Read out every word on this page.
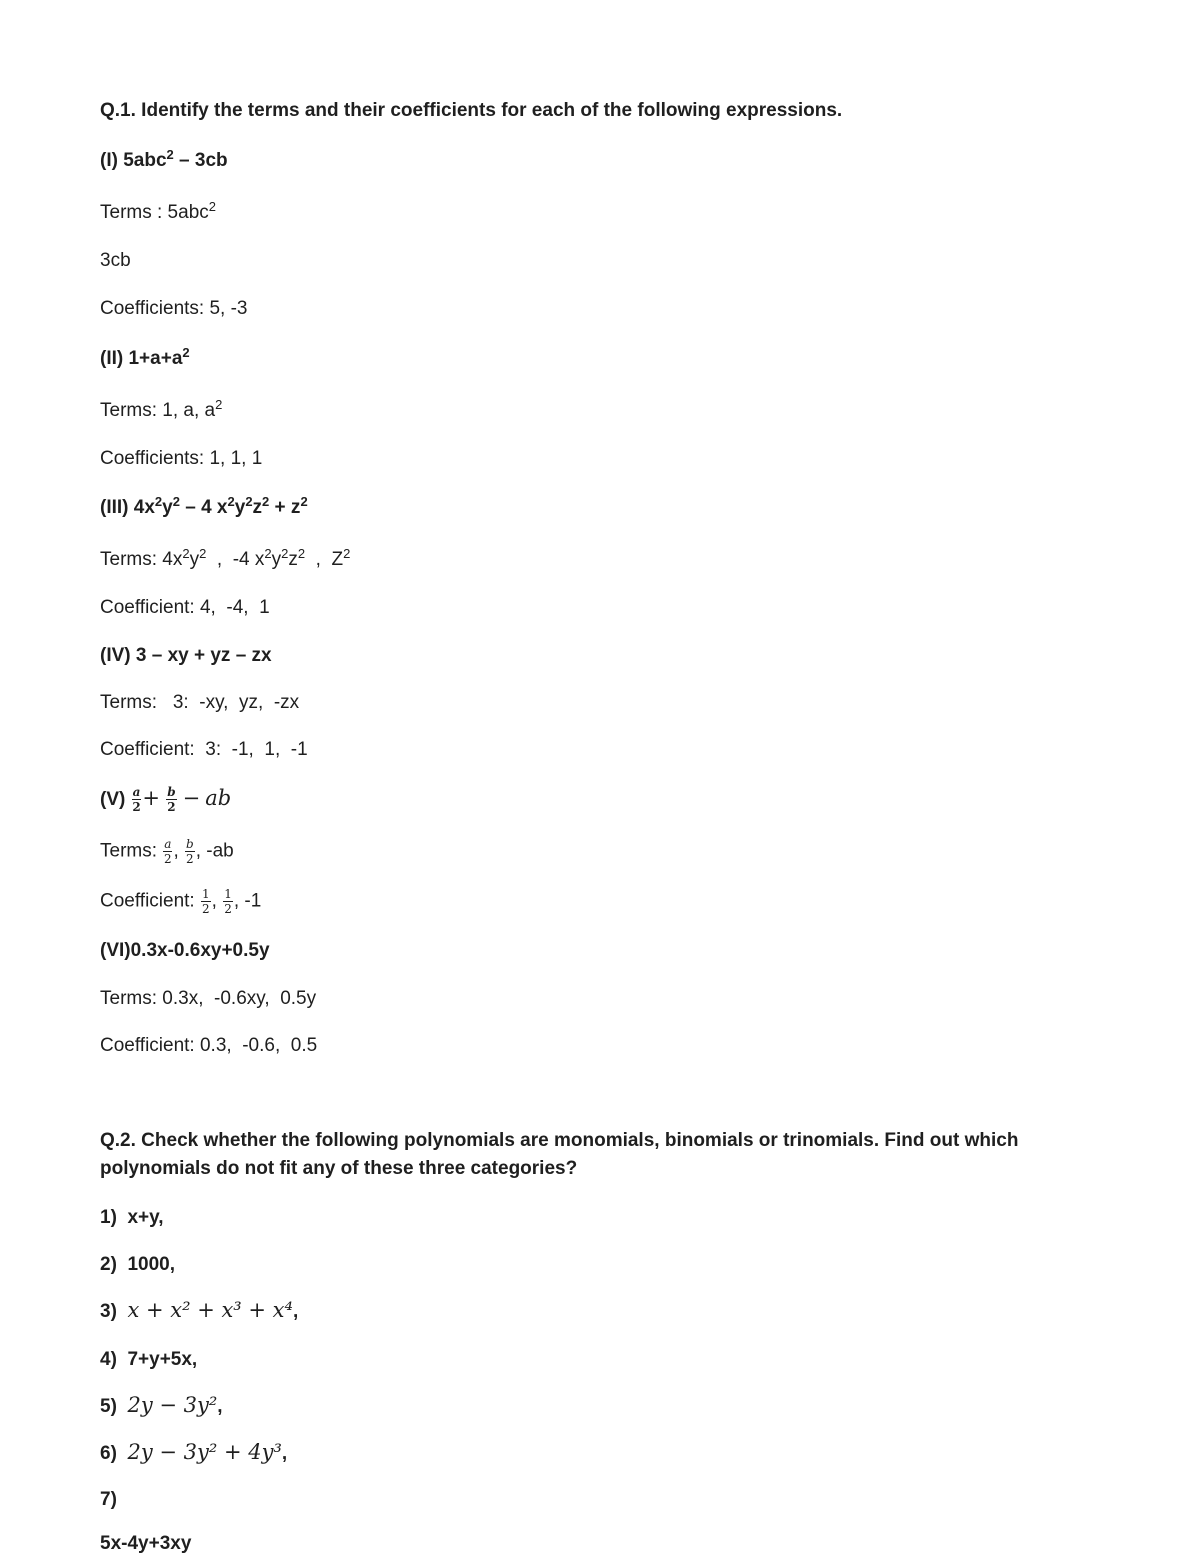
Q.1. Identify the terms and their coefficients for each of the following expressions.
(I) 5abc$^2$ – 3cb
Terms : 5abc$^2$
3cb
Coefficients: 5, -3
(II) $1+a+a^2$
Terms: 1, a, $a^2$
Coefficients: 1, 1, 1
(III) $4x^2y^2 - 4$ $x^2y^2z^2 + z^2$
Terms: $4x^2y^2$  ,  -4 $x^2y^2z^2$  ,  $Z^2$
Coefficient: 4,  -4,  1
(IV) 3 – xy + yz – zx
Terms:   3:  -xy,  yz,  -zx
Coefficient:  3:  -1,  1,  -1
$(V) \frac{a}{2} + \frac{b}{2}$ − ab
Terms: $\frac{a}{2}$ , $\frac{b}{2}$ , -ab
Coefficient: $\frac{1}{2}$ , $\frac{1}{2}$ , -1
(VI)0.3x-0.6xy+0.5y
Terms: 0.3x,  -0.6xy,  0.5y
Coefficient: 0.3,  -0.6,  0.5
Q.2. Check whether the following polynomials are monomials, binomials or trinomials. Find out which polynomials do not fit any of these three categories?
1) x+y,
2) 1000,
3) x + x² + x³ + x⁴,
4) 7+y+5x,
5) 2y − 3y²,
6) 2y − 3y² + 4y³,
7)

5x-4y+3xy
